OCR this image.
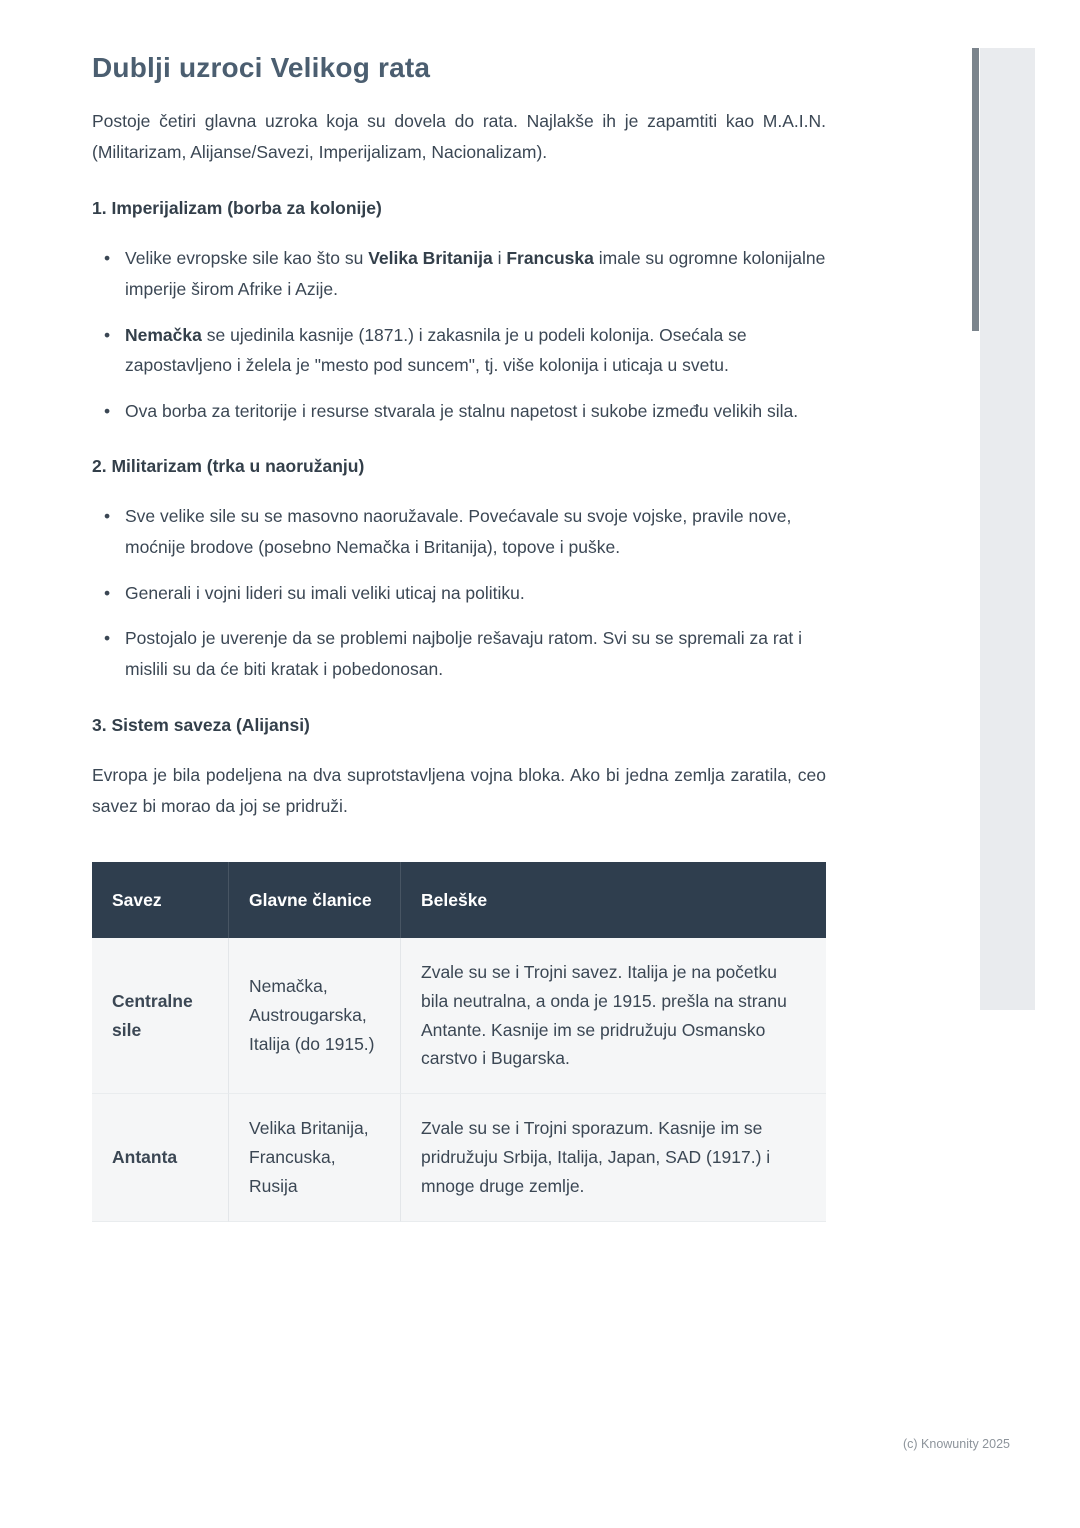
Dublji uzroci Velikog rata

Postoje četiri glavna uzroka koja su dovela do rata. Najlakše ih je zapamtiti kao M.A.I.N. (Militarizam, Alijanse/Savezi, Imperijalizam, Nacionalizam).

1. Imperijalizam (borba za kolonije)
• Velike evropske sile kao što su Velika Britanija i Francuska imale su ogromne kolonijalne imperije širom Afrike i Azije.
• Nemačka se ujedinila kasnije (1871.) i zakasnila je u podeli kolonija. Osećala se zapostavljeno i želela je "mesto pod suncem", tj. više kolonija i uticaja u svetu.
• Ova borba za teritorije i resurse stvarala je stalnu napetost i sukobe između velikih sila.
2. Militarizam (trka u naoružanju)
• Sve velike sile su se masovno naoružavale. Povećavale su svoje vojske, pravile nove, moćnije brodove (posebno Nemačka i Britanija), topove i puške.
• Generali i vojni lideri su imali veliki uticaj na politiku.
• Postojalo je uverenje da se problemi najbolje rešavaju ratom. Svi su se spremali za rat i mislili su da će biti kratak i pobedonosan.
3. Sistem saveza (Alijansi)

Evropa je bila podeljena na dva suprotstavljena vojna bloka. Ako bi jedna zemlja zaratila, ceo savez bi morao da joj se pridruži.

Savez	Glavne članice	Beleške
Centralne sile	Nemačka, Austrougarska, Italija (do 1915.)	Zvale su se i Trojni savez. Italija je na početku bila neutralna, a onda je 1915. prešla na stranu Antante. Kasnije im se pridružuju Osmansko carstvo i Bugarska.
Antanta	Velika Britanija, Francuska, Rusija	Zvale su se i Trojni sporazum. Kasnije im se pridružuju Srbija, Italija, Japan, SAD (1917.) i mnoge druge zemlje.
(c) Knowunity 2025
